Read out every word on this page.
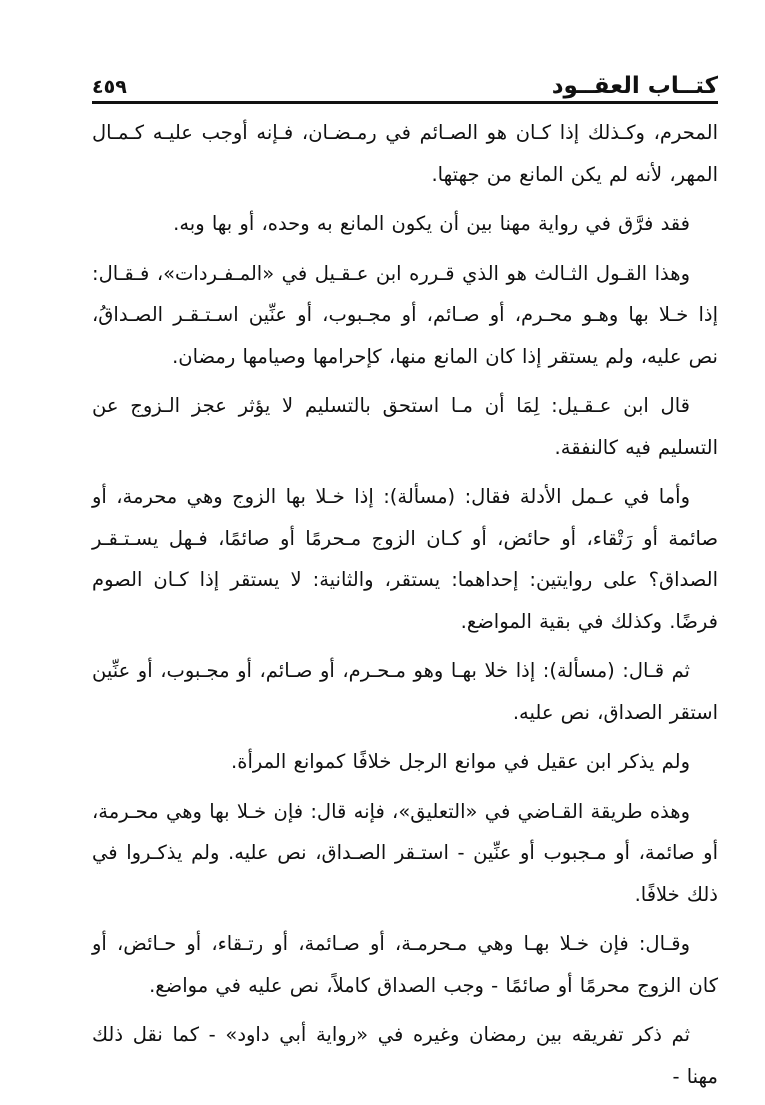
كتــاب العقــود
٤٥٩

المحرم، وكـذلك إذا كـان هو الصـائم في رمـضـان، فـإنه أوجب عليـه كـمـال المهر، لأنه لم يكن المانع من جهتها.

فقد فرَّق في رواية مهنا بين أن يكون المانع به وحده، أو بها وبه.

وهذا القـول الثـالث هو الذي قـرره ابن عـقـيل في «المـفـردات»، فـقـال: إذا خـلا بها وهـو محـرم، أو صـائم، أو مجـبوب، أو عنِّين اسـتـقـر الصـداقُ، نص عليه، ولم يستقر إذا كان المانع منها، كإحرامها وصيامها رمضان.

قال ابن عـقـيل: لِمَا أن مـا استحق بالتسليم لا يؤثر عجز الـزوج عن التسليم فيه كالنفقة.

وأما في عـمل الأدلة فقال: (مسألة): إذا خـلا بها الزوج وهي محرمة، أو صائمة أو رَتْقاء، أو حائض، أو كـان الزوج مـحرمًا أو صائمًا، فـهل يسـتـقـر الصداق؟ على روايتين: إحداهما: يستقر، والثانية: لا يستقر إذا كـان الصوم فرضًا. وكذلك في بقية المواضع.

ثم قـال: (مسألة): إذا خلا بهـا وهو مـحـرم، أو صـائم، أو مجـبوب، أو عنِّين استقر الصداق، نص عليه.

ولم يذكر ابن عقيل في موانع الرجل خلافًا كموانع المرأة.

وهذه طريقة القـاضي في «التعليق»، فإنه قال: فإن خـلا بها وهي محـرمة، أو صائمة، أو مـجبوب أو عنِّين - استـقر الصـداق، نص عليه. ولم يذكـروا في ذلك خلافًا.

وقـال: فإن خـلا بهـا وهي مـحرمـة، أو صـائمة، أو رتـقاء، أو حـائض، أو كان الزوج محرمًا أو صائمًا - وجب الصداق كاملاً، نص عليه في مواضع.

ثم ذكر تفريقه بين رمضان وغيره في «رواية أبي داود» - كما نقل ذلك مهنا -
